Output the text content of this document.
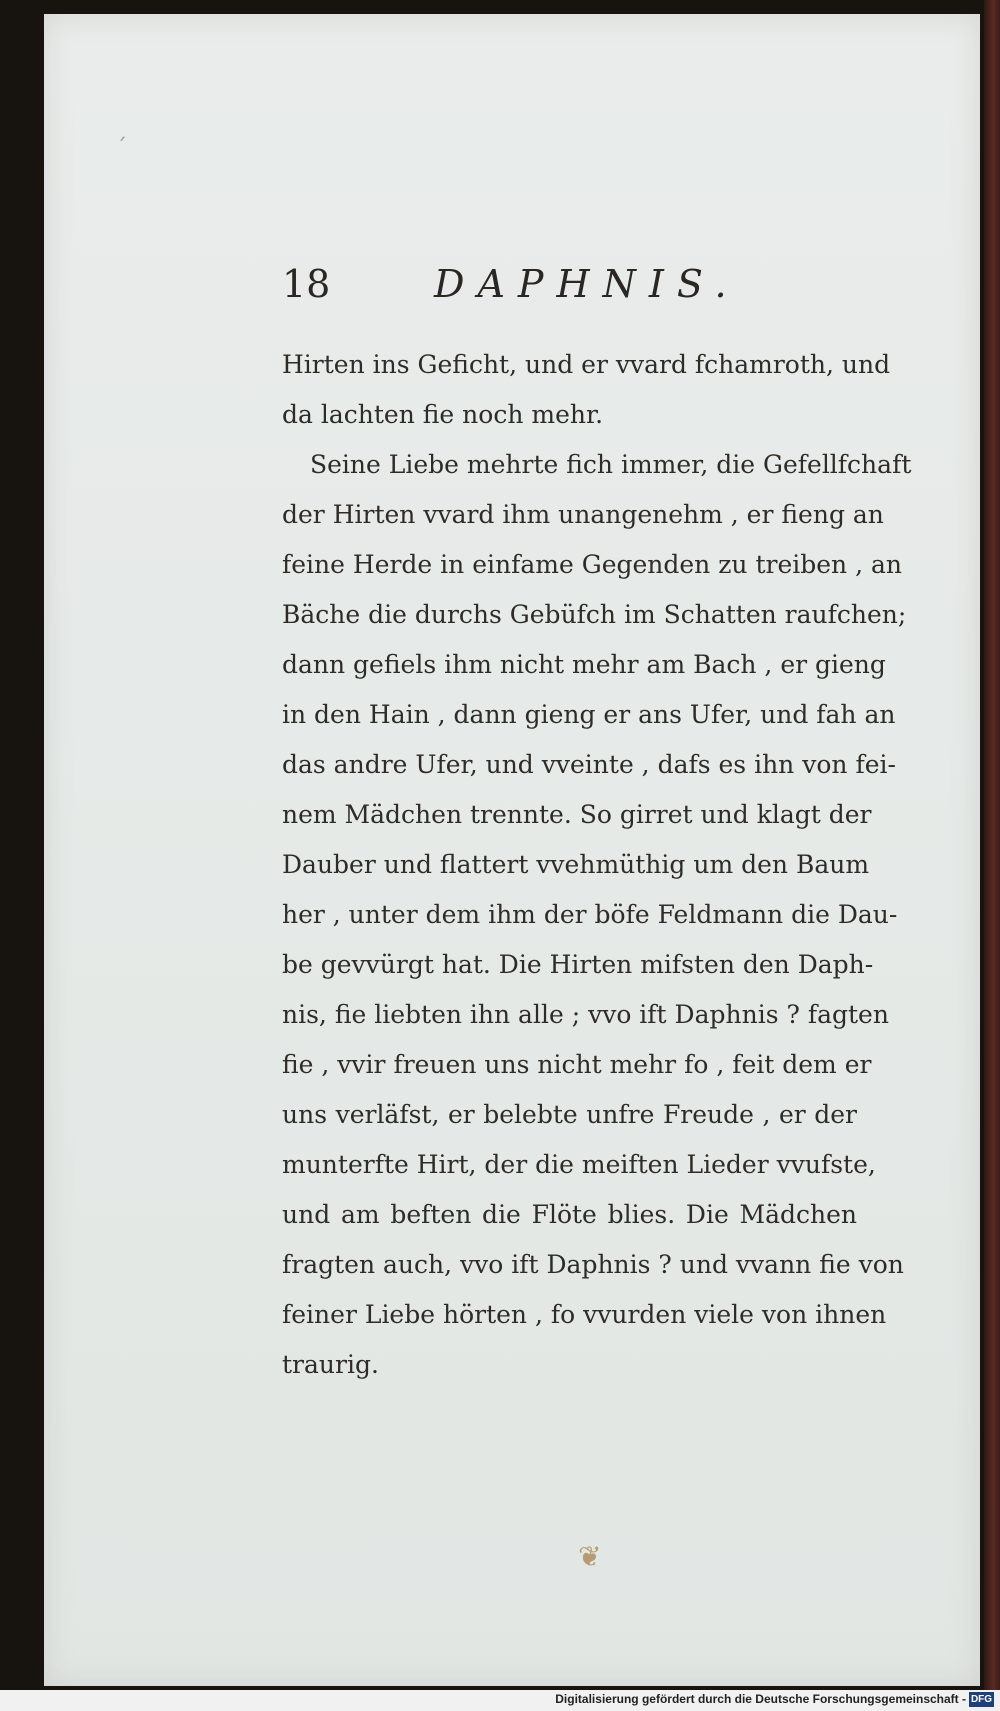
ˊ
18	DAPHNIS.
Hirten ins Geficht, und er vvard fchamroth, und
da lachten fie noch mehr.
Seine Liebe mehrte fich immer, die Gefellfchaft
der Hirten vvard ihm unangenehm , er fieng an
feine Herde in einfame Gegenden zu treiben , an
Bäche die durchs Gebüfch im Schatten raufchen;
dann gefiels ihm nicht mehr am Bach , er gieng
in den Hain , dann gieng er ans Ufer, und fah an
das andre Ufer, und vveinte , dafs es ihn von fei-
nem Mädchen trennte. So girret und klagt der
Dauber und flattert vvehmüthig um den Baum
her , unter dem ihm der böfe Feldmann die Dau-
be gevvürgt hat. Die Hirten mifsten den Daph-
nis, fie liebten ihn alle ; vvo ift Daphnis ? fagten
fie , vvir freuen uns nicht mehr fo , feit dem er
uns verläfst, er belebte unfre Freude , er der
munterfte Hirt, der die meiften Lieder vvufste,
und am beften die Flöte blies. Die Mädchen
fragten auch, vvo ift Daphnis ? und vvann fie von
feiner Liebe hörten , fo vvurden viele von ihnen
traurig.
❦
Digitalisierung gefördert durch die Deutsche Forschungsgemeinschaft - DFG
